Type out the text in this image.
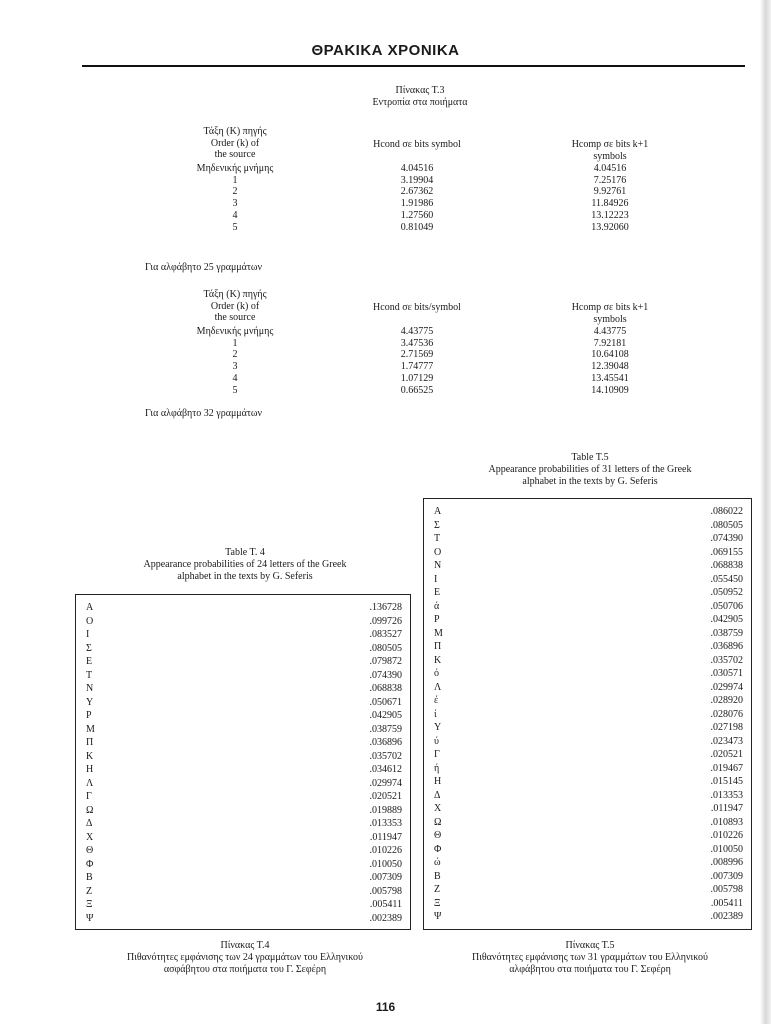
ΘΡΑΚΙΚΑ ΧΡΟΝΙΚΑ
Πίνακας Τ.3
Εντροπία στα ποιήματα
Τάξη (Κ) πηγής
Order (k) of
the source
Hcond σε bits symbol	Hcomp σε bits k+1
symbols
Μηδενικής μνήμης	4.04516	4.04516
1	3.19904	7.25176
2	2.67362	9.92761
3	1.91986	11.84926
4	1.27560	13.12223
5	0.81049	13.92060
Για αλφάβητο 25 γραμμάτων
Τάξη (Κ) πηγής
Order (k) of
the source
Hcond σε bits/symbol	Hcomp σε bits k+1
symbols
Μηδενικής μνήμης	4.43775	4.43775
1	3.47536	7.92181
2	2.71569	10.64108
3	1.74777	12.39048
4	1.07129	13.45541
5	0.66525	14.10909
Για αλφάβητο 32 γραμμάτων
Table T. 4
Appearance probabilities of 24 letters of the Greek
alphabet in the texts by G. Seferis
Α	.136728
Ο	.099726
Ι	.083527
Σ	.080505
Ε	.079872
Τ	.074390
Ν	.068838
Υ	.050671
Ρ	.042905
Μ	.038759
Π	.036896
Κ	.035702
Η	.034612
Λ	.029974
Γ	.020521
Ω	.019889
Δ	.013353
Χ	.011947
Θ	.010226
Φ	.010050
Β	.007309
Ζ	.005798
Ξ	.005411
Ψ	.002389
Πίνακας Τ.4
Πιθανότητες εμφάνισης των 24 γραμμάτων του Ελληνικού
ασφάβητου στα ποιήματα του Γ. Σεφέρη
Table T.5
Appearance probabilities of 31 letters of the Greek
alphabet in the texts by G. Seferis
Α	.086022
Σ	.080505
Τ	.074390
Ο	.069155
Ν	.068838
Ι	.055450
Ε	.050952
ά	.050706
Ρ	.042905
Μ	.038759
Π	.036896
Κ	.035702
ό	.030571
Λ	.029974
έ	.028920
ί	.028076
Υ	.027198
ύ	.023473
Γ	.020521
ή	.019467
Η	.015145
Δ	.013353
Χ	.011947
Ω	.010893
Θ	.010226
Φ	.010050
ώ	.008996
Β	.007309
Ζ	.005798
Ξ	.005411
Ψ	.002389
Πίνακας Τ.5
Πιθανότητες εμφάνισης των 31 γραμμάτων του Ελληνικού
αλφάβητου στα ποιήματα του Γ. Σεφέρη
116
